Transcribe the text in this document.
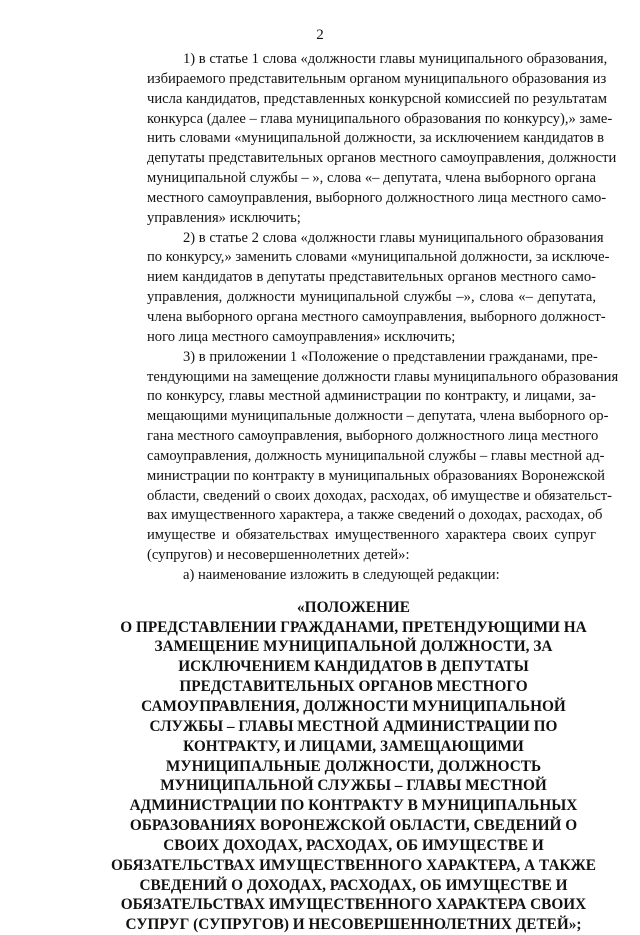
2

1) в статье 1 слова «должности главы муниципального образования,
избираемого представительным органом муниципального образования из
числа кандидатов, представленных конкурсной комиссией по результатам
конкурса (далее – глава муниципального образования по конкурсу),» заме-
нить словами «муниципальной должности, за исключением кандидатов в
депутаты представительных органов местного самоуправления, должности
муниципальной службы – », слова «– депутата, члена выборного органа
местного самоуправления, выборного должностного лица местного само-
управления» исключить;

2) в статье 2 слова «должности главы муниципального образования
по конкурсу,» заменить словами «муниципальной должности, за исключе-
нием кандидатов в депутаты представительных органов местного само-
управления, должности муниципальной службы –», слова «– депутата,
члена выборного органа местного самоуправления, выборного должност-
ного лица местного самоуправления» исключить;

3) в приложении 1 «Положение о представлении гражданами, пре-
тендующими на замещение должности главы муниципального образования
по конкурсу, главы местной администрации по контракту, и лицами, за-
мещающими муниципальные должности – депутата, члена выборного ор-
гана местного самоуправления, выборного должностного лица местного
самоуправления, должность муниципальной службы – главы местной ад-
министрации по контракту в муниципальных образованиях Воронежской
области, сведений о своих доходах, расходах, об имуществе и обязательст-
вах имущественного характера, а также сведений о доходах, расходах, об
имуществе и обязательствах имущественного характера своих супруг
(супругов) и несовершеннолетних детей»:

а) наименование изложить в следующей редакции:

«ПОЛОЖЕНИЕ
О ПРЕДСТАВЛЕНИИ ГРАЖДАНАМИ, ПРЕТЕНДУЮЩИМИ НА
ЗАМЕЩЕНИЕ МУНИЦИПАЛЬНОЙ ДОЛЖНОСТИ, ЗА
ИСКЛЮЧЕНИЕМ КАНДИДАТОВ В ДЕПУТАТЫ
ПРЕДСТАВИТЕЛЬНЫХ ОРГАНОВ МЕСТНОГО
САМОУПРАВЛЕНИЯ, ДОЛЖНОСТИ МУНИЦИПАЛЬНОЙ
СЛУЖБЫ – ГЛАВЫ МЕСТНОЙ АДМИНИСТРАЦИИ ПО
КОНТРАКТУ, И ЛИЦАМИ, ЗАМЕЩАЮЩИМИ
МУНИЦИПАЛЬНЫЕ ДОЛЖНОСТИ, ДОЛЖНОСТЬ
МУНИЦИПАЛЬНОЙ СЛУЖБЫ – ГЛАВЫ МЕСТНОЙ
АДМИНИСТРАЦИИ ПО КОНТРАКТУ В МУНИЦИПАЛЬНЫХ
ОБРАЗОВАНИЯХ ВОРОНЕЖСКОЙ ОБЛАСТИ, СВЕДЕНИЙ О
СВОИХ ДОХОДАХ, РАСХОДАХ, ОБ ИМУЩЕСТВЕ И
ОБЯЗАТЕЛЬСТВАХ ИМУЩЕСТВЕННОГО ХАРАКТЕРА, А ТАКЖЕ
СВЕДЕНИЙ О ДОХОДАХ, РАСХОДАХ, ОБ ИМУЩЕСТВЕ И
ОБЯЗАТЕЛЬСТВАХ ИМУЩЕСТВЕННОГО ХАРАКТЕРА СВОИХ
СУПРУГ (СУПРУГОВ) И НЕСОВЕРШЕННОЛЕТНИХ ДЕТЕЙ»;
